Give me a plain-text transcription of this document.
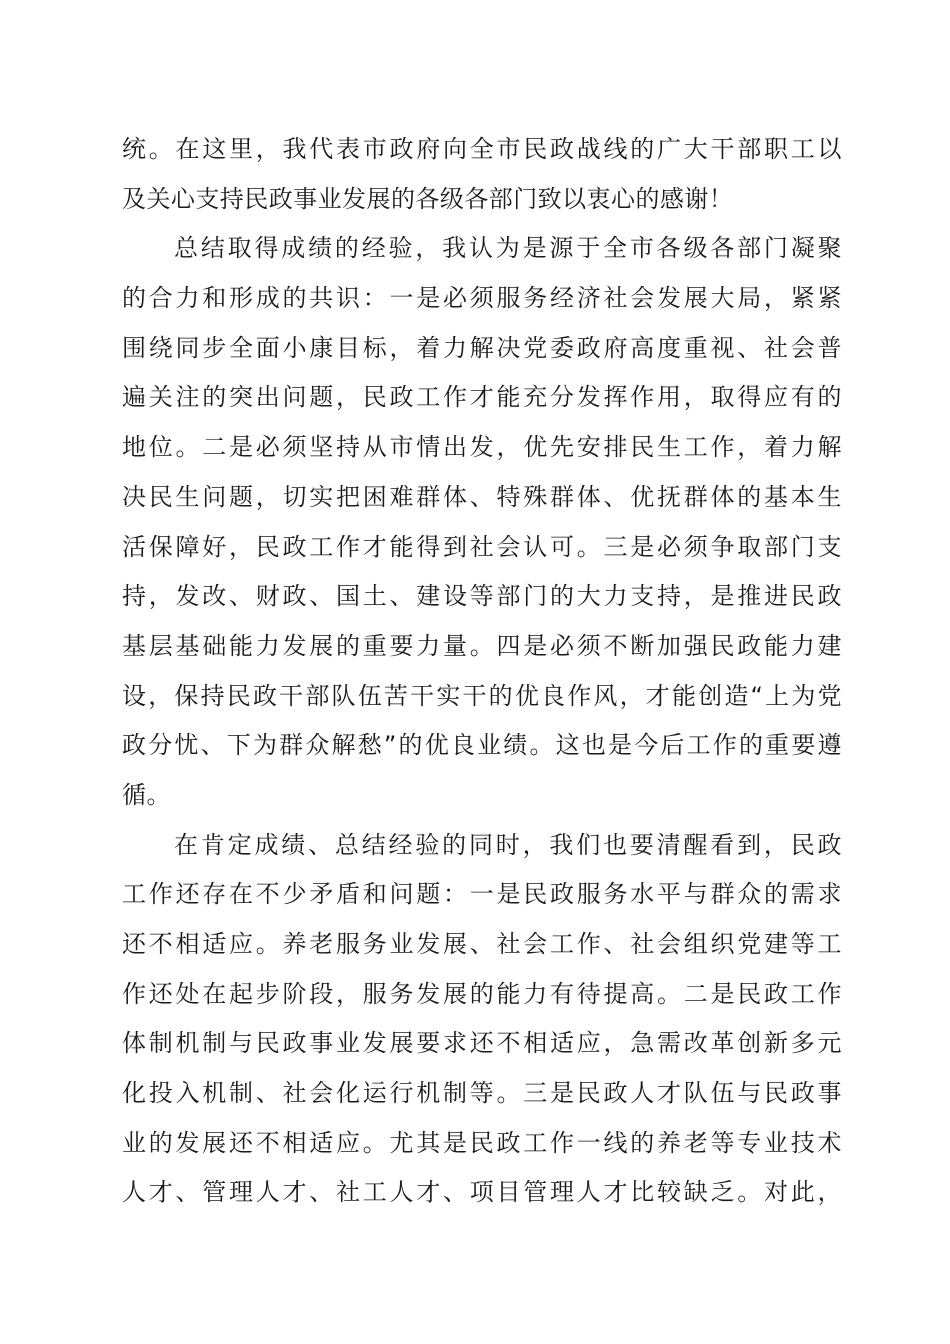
统。在这里，我代表市政府向全市民政战线的广大干部职工以
及关心支持民政事业发展的各级各部门致以衷心的感谢！
总结取得成绩的经验，我认为是源于全市各级各部门凝聚
的合力和形成的共识：一是必须服务经济社会发展大局，紧紧
围绕同步全面小康目标，着力解决党委政府高度重视、社会普
遍关注的突出问题，民政工作才能充分发挥作用，取得应有的
地位。二是必须坚持从市情出发，优先安排民生工作，着力解
决民生问题，切实把困难群体、特殊群体、优抚群体的基本生
活保障好，民政工作才能得到社会认可。三是必须争取部门支
持，发改、财政、国土、建设等部门的大力支持，是推进民政
基层基础能力发展的重要力量。四是必须不断加强民政能力建
设，保持民政干部队伍苦干实干的优良作风，才能创造“上为党
政分忧、下为群众解愁”的优良业绩。这也是今后工作的重要遵
循。
在肯定成绩、总结经验的同时，我们也要清醒看到，民政
工作还存在不少矛盾和问题：一是民政服务水平与群众的需求
还不相适应。养老服务业发展、社会工作、社会组织党建等工
作还处在起步阶段，服务发展的能力有待提高。二是民政工作
体制机制与民政事业发展要求还不相适应，急需改革创新多元
化投入机制、社会化运行机制等。三是民政人才队伍与民政事
业的发展还不相适应。尤其是民政工作一线的养老等专业技术
人才、管理人才、社工人才、项目管理人才比较缺乏。对此，
